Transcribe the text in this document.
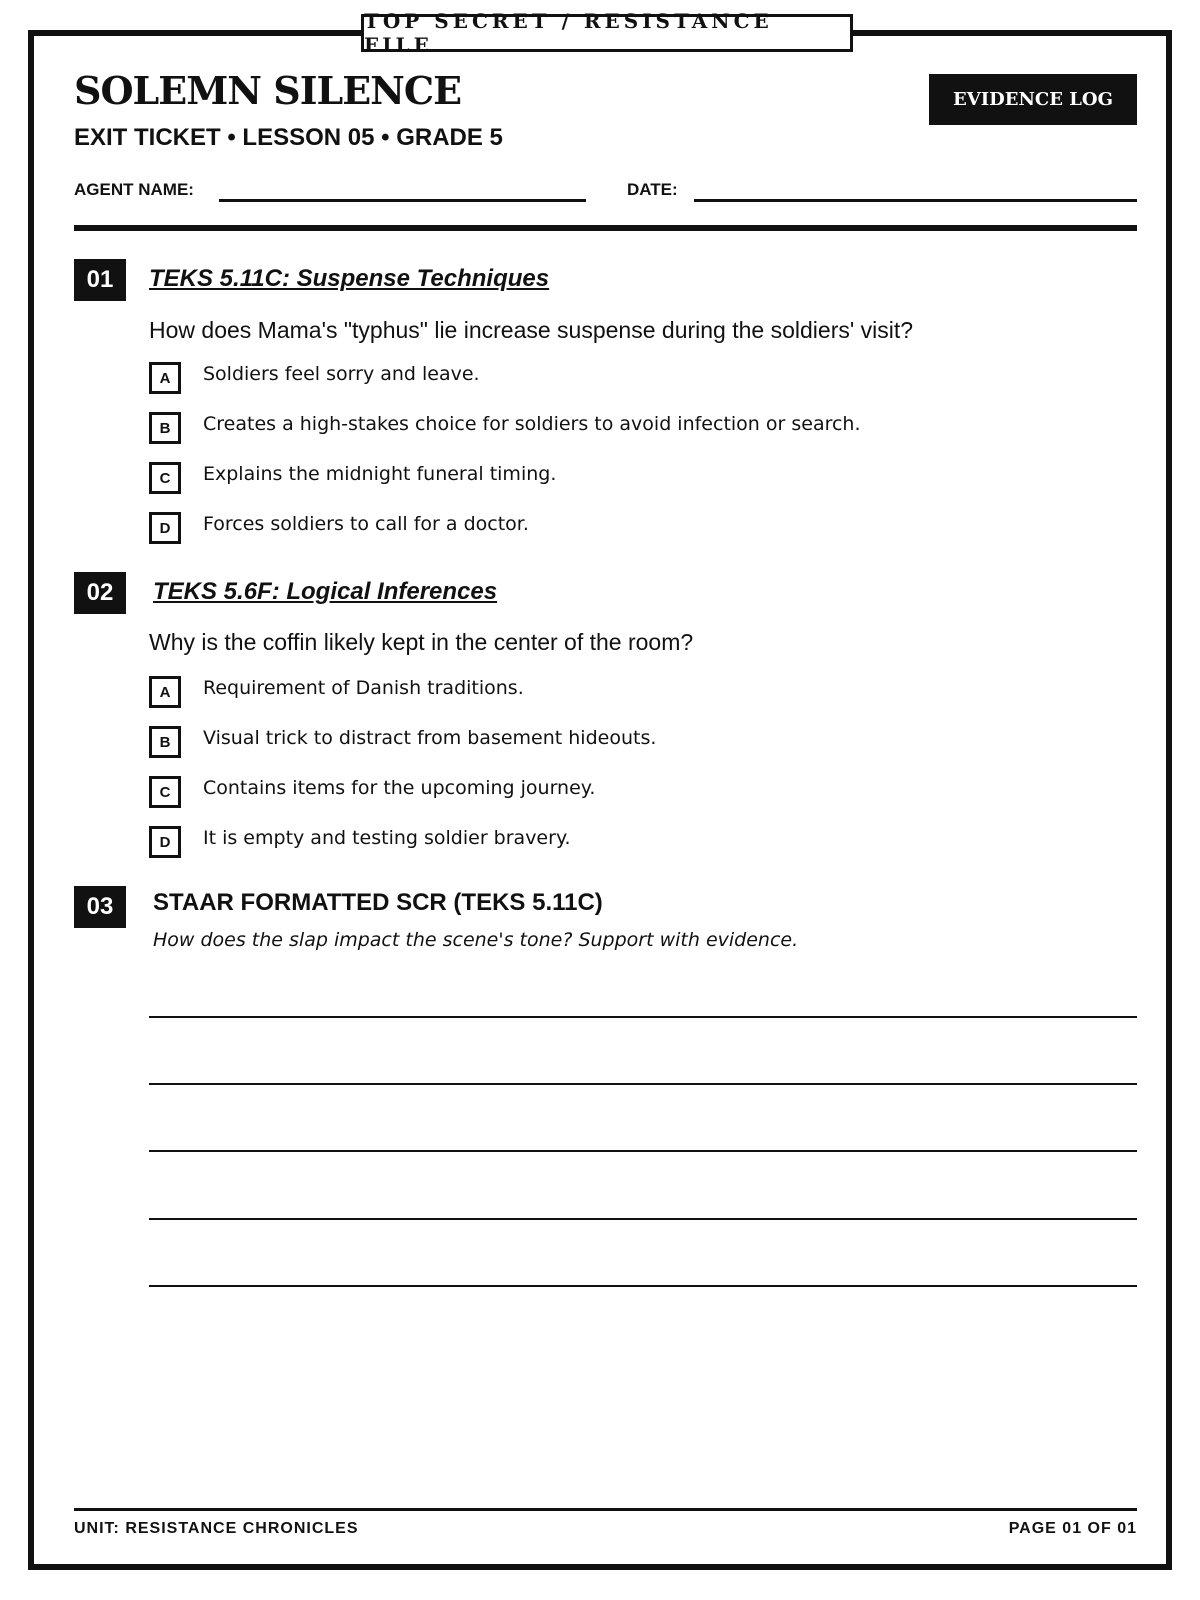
TOP SECRET / RESISTANCE FILE
SOLEMN SILENCE
EXIT TICKET • LESSON 05 • GRADE 5
EVIDENCE LOG
AGENT NAME:	DATE:
01	TEKS 5.11C: Suspense Techniques
How does Mama's "typhus" lie increase suspense during the soldiers' visit?
A	Soldiers feel sorry and leave.
B	Creates a high-stakes choice for soldiers to avoid infection or search.
C	Explains the midnight funeral timing.
D	Forces soldiers to call for a doctor.
02	TEKS 5.6F: Logical Inferences
Why is the coffin likely kept in the center of the room?
A	Requirement of Danish traditions.
B	Visual trick to distract from basement hideouts.
C	Contains items for the upcoming journey.
D	It is empty and testing soldier bravery.
03	STAAR FORMATTED SCR (TEKS 5.11C)
How does the slap impact the scene's tone? Support with evidence.
UNIT: RESISTANCE CHRONICLES	PAGE 01 OF 01
